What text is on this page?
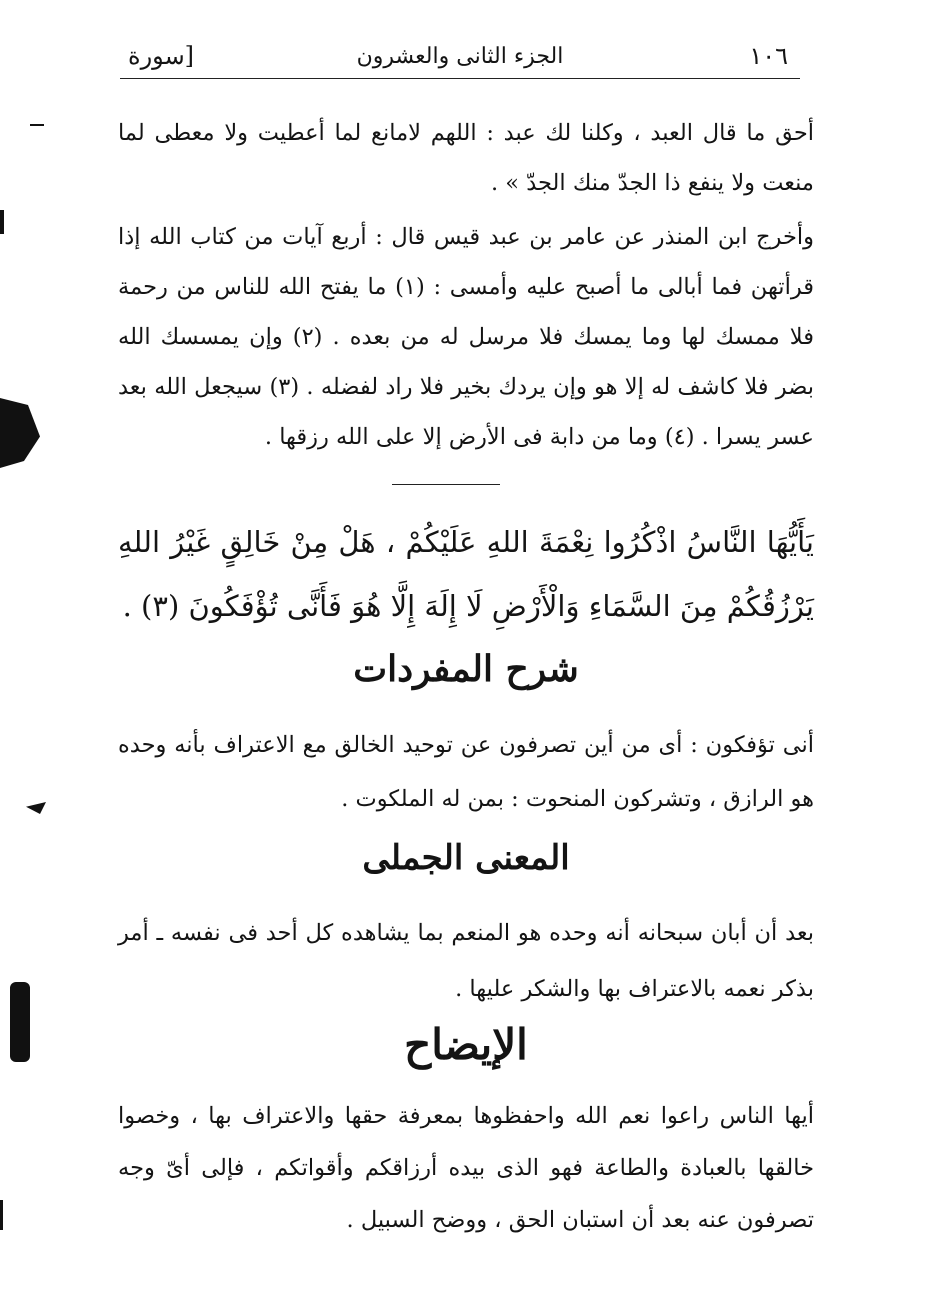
١٠٦
الجزء الثانى والعشرون
[سورة

أحق ما قال العبد ، وكلنا لك عبد : اللهم لامانع لما أعطيت ولا معطى لما منعت ولا ينفع ذا الجدّ منك الجدّ » .

وأخرج ابن المنذر عن عامر بن عبد قيس قال : أربع آيات من كتاب الله إذا قرأتهن فما أبالى ما أصبح عليه وأمسى : (١) ما يفتح الله للناس من رحمة فلا ممسك لها وما يمسك فلا مرسل له من بعده . (٢) وإن يمسسك الله بضر فلا كاشف له إلا هو وإن يردك بخير فلا راد لفضله . (٣) سيجعل الله بعد عسر يسرا . (٤) وما من دابة فى الأرض إلا على الله رزقها .

يَأَيُّهَا النَّاسُ اذْكُرُوا نِعْمَةَ اللهِ عَلَيْكُمْ ، هَلْ مِنْ خَالِقٍ غَيْرُ اللهِ يَرْزُقُكُمْ مِنَ السَّمَاءِ وَالْأَرْضِ لَا إِلَهَ إِلَّا هُوَ فَأَنَّى تُؤْفَكُونَ (٣) .

شرح المفردات

أنى تؤفكون : أى من أين تصرفون عن توحيد الخالق مع الاعتراف بأنه وحده هو الرازق ، وتشركون المنحوت : بمن له الملكوت .

المعنى الجملى

بعد أن أبان سبحانه أنه وحده هو المنعم بما يشاهده كل أحد فى نفسه ـ أمر بذكر نعمه بالاعتراف بها والشكر عليها .

الإيضاح

أيها الناس راعوا نعم الله واحفظوها بمعرفة حقها والاعتراف بها ، وخصوا خالقها بالعبادة والطاعة فهو الذى بيده أرزاقكم وأقواتكم ، فإلى أىّ وجه تصرفون عنه بعد أن استبان الحق ، ووضح السبيل .
